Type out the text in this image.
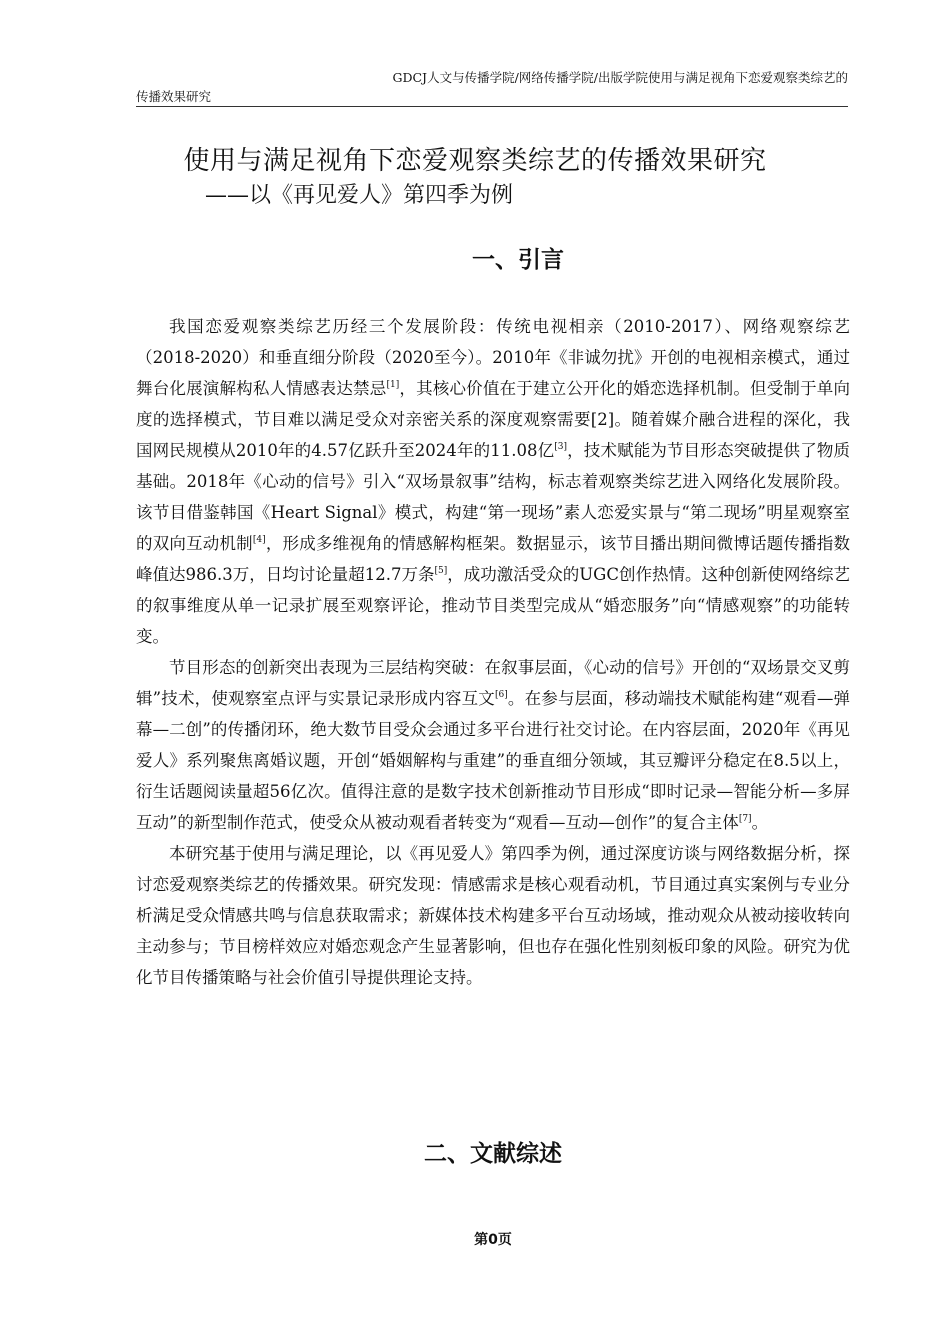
GDCJ人文与传播学院/网络传播学院/出版学院使用与满足视角下恋爱观察类综艺的
传播效果研究
使用与满足视角下恋爱观察类综艺的传播效果研究
——以《再见爱人》第四季为例
一、引言

我国恋爱观察类综艺历经三个发展阶段：传统电视相亲（2010-2017）、网络观察综艺（2018-2020）和垂直细分阶段（2020至今）。2010年《非诚勿扰》开创的电视相亲模式，通过舞台化展演解构私人情感表达禁忌[1]，其核心价值在于建立公开化的婚恋选择机制。但受制于单向度的选择模式，节目难以满足受众对亲密关系的深度观察需要[2]。随着媒介融合进程的深化，我国网民规模从2010年的4.57亿跃升至2024年的11.08亿[3]，技术赋能为节目形态突破提供了物质基础。2018年《心动的信号》引入“双场景叙事”结构，标志着观察类综艺进入网络化发展阶段。该节目借鉴韩国《Heart Signal》模式，构建“第一现场”素人恋爱实景与“第二现场”明星观察室的双向互动机制[4]，形成多维视角的情感解构框架。数据显示，该节目播出期间微博话题传播指数峰值达986.3万，日均讨论量超12.7万条[5]，成功激活受众的UGC创作热情。这种创新使网络综艺的叙事维度从单一记录扩展至观察评论，推动节目类型完成从“婚恋服务”向“情感观察”的功能转变。

节目形态的创新突出表现为三层结构突破：在叙事层面，《心动的信号》开创的“双场景交叉剪辑”技术，使观察室点评与实景记录形成内容互文[6]。在参与层面，移动端技术赋能构建“观看—弹幕—二创”的传播闭环，绝大数节目受众会通过多平台进行社交讨论。在内容层面，2020年《再见爱人》系列聚焦离婚议题，开创“婚姻解构与重建”的垂直细分领域，其豆瓣评分稳定在8.5以上，衍生话题阅读量超56亿次。值得注意的是数字技术创新推动节目形成“即时记录—智能分析—多屏互动”的新型制作范式，使受众从被动观看者转变为“观看—互动—创作”的复合主体[7]。

本研究基于使用与满足理论，以《再见爱人》第四季为例，通过深度访谈与网络数据分析，探讨恋爱观察类综艺的传播效果。研究发现：情感需求是核心观看动机，节目通过真实案例与专业分析满足受众情感共鸣与信息获取需求；新媒体技术构建多平台互动场域，推动观众从被动接收转向主动参与；节目榜样效应对婚恋观念产生显著影响，但也存在强化性别刻板印象的风险。研究为优化节目传播策略与社会价值引导提供理论支持。

二、文献综述
第0页
